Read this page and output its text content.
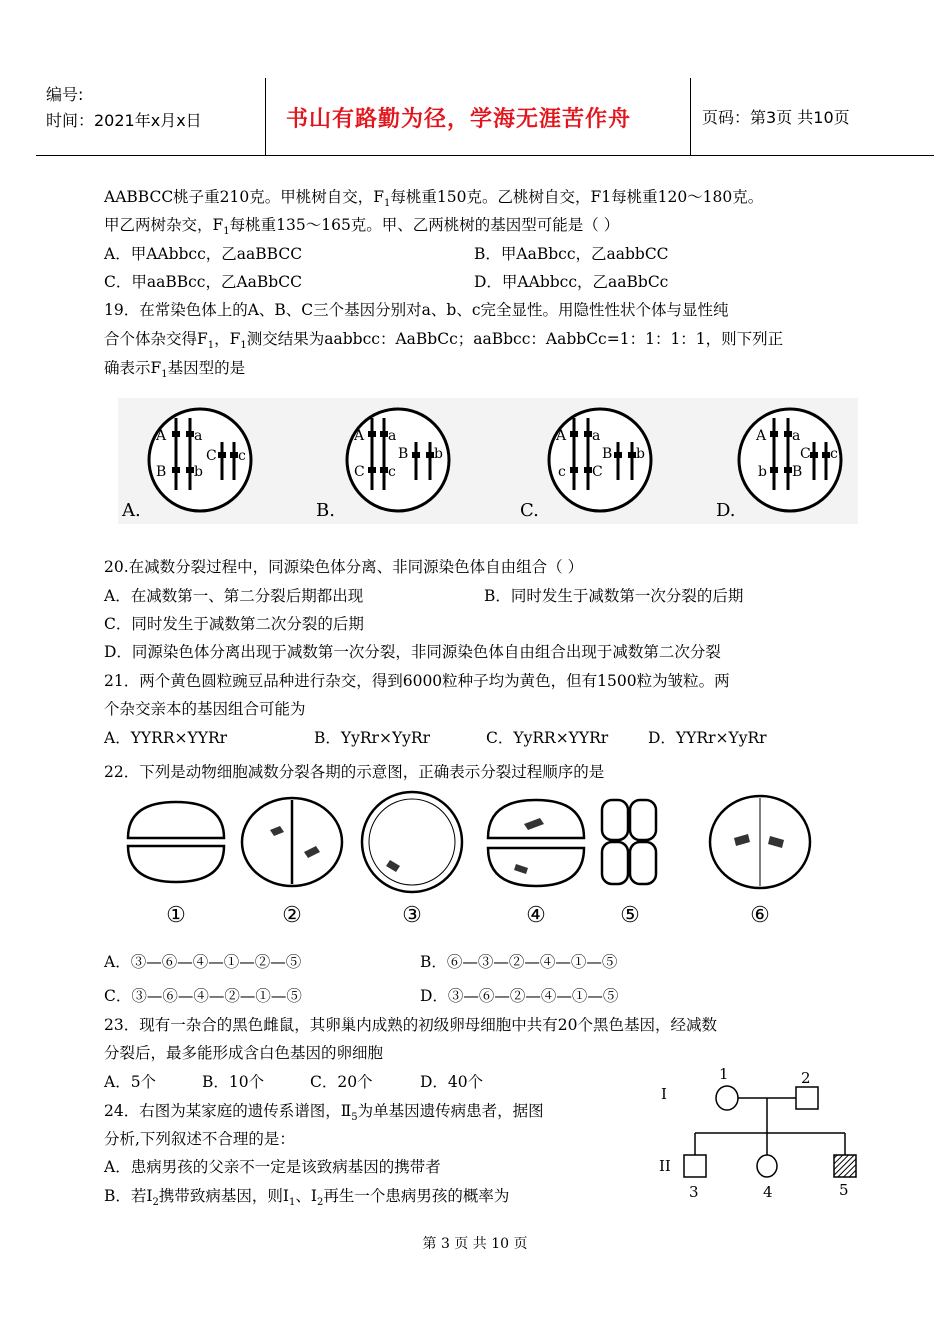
编号:
时间：2021年x月x日	书山有路勤为径，学海无涯苦作舟	页码：第3页 共10页
AABBCC桃子重210克。甲桃树自交，$F_1$每桃重150克。乙桃树自交，F1每桃重120～180克。
甲乙两树杂交，$F_1$每桃重135～165克。甲、乙两桃树的基因型可能是（ ）
A．甲AAbbcc，乙aaBBCC	B．甲AaBbcc，乙aabbCC
C．甲aaBBcc，乙AaBbCC	D．甲AAbbcc，乙aaBbCc
19．在常染色体上的A、B、C三个基因分别对a、b、c完全显性。用隐性性状个体与显性纯
合个体杂交得$F_1$，$F_1$测交结果为aabbcc：AaBbCc；aaBbcc：AabbCc=1：1：1：1，则下列正
确表示$F_1$基因型的是
A a
B b
C c
A a
C c
B b
A a
c C
B b
A a
b B
C c
A.	B.	C.	D.
20.在减数分裂过程中，同源染色体分离、非同源染色体自由组合（ ）
A．在减数第一、第二分裂后期都出现	B．同时发生于减数第一次分裂的后期
C．同时发生于减数第二次分裂的后期
D．同源染色体分离出现于减数第一次分裂，非同源染色体自由组合出现于减数第二次分裂
21．两个黄色圆粒豌豆品种进行杂交，得到6000粒种子均为黄色，但有1500粒为皱粒。两
个杂交亲本的基因组合可能为
A．YYRR×YYRr	B．YyRr×YyRr	C．YyRR×YYRr	D．YYRr×YyRr
22．下列是动物细胞减数分裂各期的示意图，正确表示分裂过程顺序的是
①	②	③	④	⑤	⑥
A．③—⑥—④—①—②—⑤	B．⑥—③—②—④—①—⑤
C．③—⑥—④—②—①—⑤	D．③—⑥—②—④—①—⑤
23．现有一杂合的黑色雌鼠，其卵巢内成熟的初级卵母细胞中共有20个黑色基因，经减数
分裂后，最多能形成含白色基因的卵细胞
A．5个	B．10个	C．20个	D．40个
24．右图为某家庭的遗传系谱图，$Ⅱ_5$为单基因遗传病患者，据图
分析,下列叙述不合理的是：
A．患病男孩的父亲不一定是该致病基因的携带者
B．若$Ⅰ_2$携带致病基因，则$Ⅰ_1$、$Ⅰ_2$再生一个患病男孩的概率为
I
II
1	2
3	4	5
第 3 页 共 10 页
